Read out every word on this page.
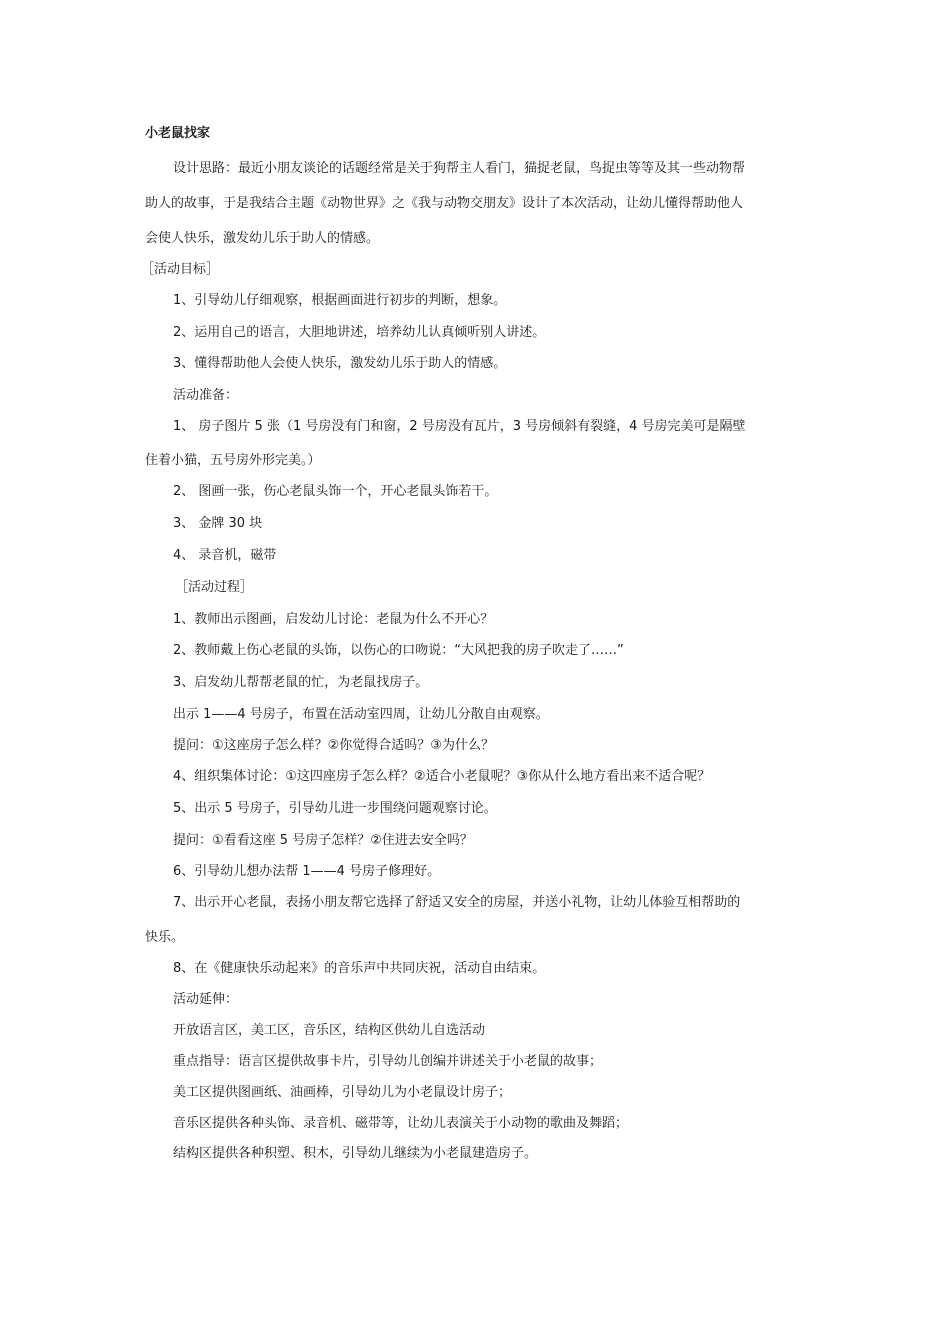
小老鼠找家
设计思路：最近小朋友谈论的话题经常是关于狗帮主人看门，猫捉老鼠，鸟捉虫等等及其一些动物帮
助人的故事，于是我结合主题《动物世界》之《我与动物交朋友》设计了本次活动，让幼儿懂得帮助他人
会使人快乐，激发幼儿乐于助人的情感。
［活动目标］
1、引导幼儿仔细观察，根据画面进行初步的判断，想象。
2、运用自己的语言，大胆地讲述，培养幼儿认真倾听别人讲述。
3、懂得帮助他人会使人快乐，激发幼儿乐于助人的情感。
活动准备：
1、 房子图片 5 张（1 号房没有门和窗，2 号房没有瓦片，3 号房倾斜有裂缝，4 号房完美可是隔壁
住着小猫，五号房外形完美。）
2、 图画一张，伤心老鼠头饰一个，开心老鼠头饰若干。
3、 金牌 30 块
4、 录音机，磁带
［活动过程］
1、教师出示图画，启发幼儿讨论：老鼠为什么不开心？
2、教师戴上伤心老鼠的头饰，以伤心的口吻说：“大风把我的房子吹走了……”
3、启发幼儿帮帮老鼠的忙，为老鼠找房子。
出示 1——4 号房子，布置在活动室四周，让幼儿分散自由观察。
提问：①这座房子怎么样？②你觉得合适吗？③为什么？
4、组织集体讨论：①这四座房子怎么样？②适合小老鼠呢？③你从什么地方看出来不适合呢？
5、出示 5 号房子，引导幼儿进一步围绕问题观察讨论。
提问：①看看这座 5 号房子怎样？②住进去安全吗？
6、引导幼儿想办法帮 1——4 号房子修理好。
7、出示开心老鼠，表扬小朋友帮它选择了舒适又安全的房屋，并送小礼物，让幼儿体验互相帮助的
快乐。
8、在《健康快乐动起来》的音乐声中共同庆祝，活动自由结束。
活动延伸：
开放语言区，美工区，音乐区，结构区供幼儿自选活动
重点指导：语言区提供故事卡片，引导幼儿创编并讲述关于小老鼠的故事；
美工区提供图画纸、油画棒，引导幼儿为小老鼠设计房子；
音乐区提供各种头饰、录音机、磁带等，让幼儿表演关于小动物的歌曲及舞蹈；
结构区提供各种积塑、积木，引导幼儿继续为小老鼠建造房子。
